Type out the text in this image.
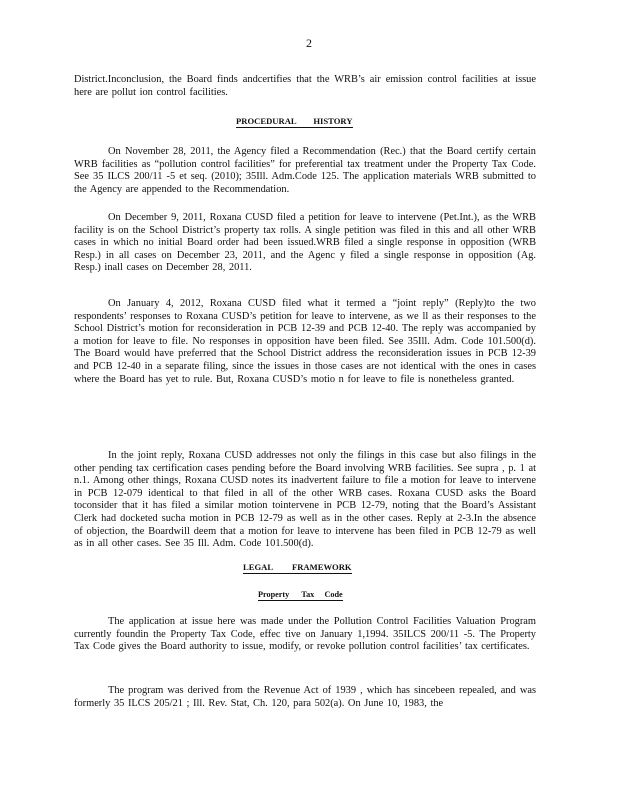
2
District.Inconclusion, the Board finds andcertifies that the WRB’s air emission control facilities at issue here are pollut ion control facilities.
PROCEDURAL        HISTORY
On November 28, 2011, the Agency filed a Recommendation (Rec.) that the Board certify certain WRB facilities as “pollution control facilities” for preferential tax treatment under the Property Tax Code. See 35 ILCS 200/11 -5 et seq. (2010); 35Ill. Adm.Code 125. The application materials WRB submitted to the Agency are appended to the Recommendation.
On December 9, 2011, Roxana CUSD filed a petition for leave to intervene (Pet.Int.), as the WRB facility is on the School District’s property tax rolls. A single petition was filed in this and all other WRB cases in which no initial Board order had been issued.WRB filed a single response in opposition (WRB Resp.) in all cases on December 23, 2011, and the Agenc y filed a single response in opposition (Ag. Resp.) inall cases on December 28, 2011.
On January 4, 2012, Roxana CUSD filed what it termed a “joint reply” (Reply)to the two respondents’ responses to Roxana CUSD’s petition for leave to intervene, as we ll as their responses to the School District’s motion for reconsideration in PCB 12-39 and PCB 12-40. The reply was accompanied by a motion for leave to file. No responses in opposition have been filed. See 35Ill. Adm. Code 101.500(d). The Board would have preferred that the School District address the reconsideration issues in PCB 12-39 and PCB 12-40 in a separate filing, since the issues in those cases are not identical with the ones in cases where the Board has yet to rule. But, Roxana CUSD’s motio n for leave to file is nonetheless granted.
In the joint reply, Roxana CUSD addresses not only the filings in this case but also filings in the other pending tax certification cases pending before the Board involving WRB facilities. See supra , p. 1 at n.1. Among other things, Roxana CUSD notes its inadvertent failure to file a motion for leave to intervene in PCB 12-079 identical to that filed in all of the other WRB cases. Roxana CUSD asks the Board toconsider that it has filed a similar motion tointervene in PCB 12-79, noting that the Board’s Assistant Clerk had docketed sucha motion in PCB 12-79 as well as in the other cases. Reply at 2-3.In the absence of objection, the Boardwill deem that a motion for leave to intervene has been filed in PCB 12-79 as well as in all other cases. See 35 Ill. Adm. Code 101.500(d).
LEGAL         FRAMEWORK
Property      Tax     Code
The application at issue here was made under the Pollution Control Facilities Valuation Program currently foundin the Property Tax Code, effec tive on January 1,1994. 35ILCS 200/11 -5. The Property Tax Code gives the Board authority to issue, modify, or revoke pollution control facilities’ tax certificates.
The program was derived from the Revenue Act of 1939 , which has sincebeen repealed, and was formerly 35 ILCS 205/21 ; Ill. Rev. Stat, Ch. 120, para 502(a). On June 10, 1983, the
